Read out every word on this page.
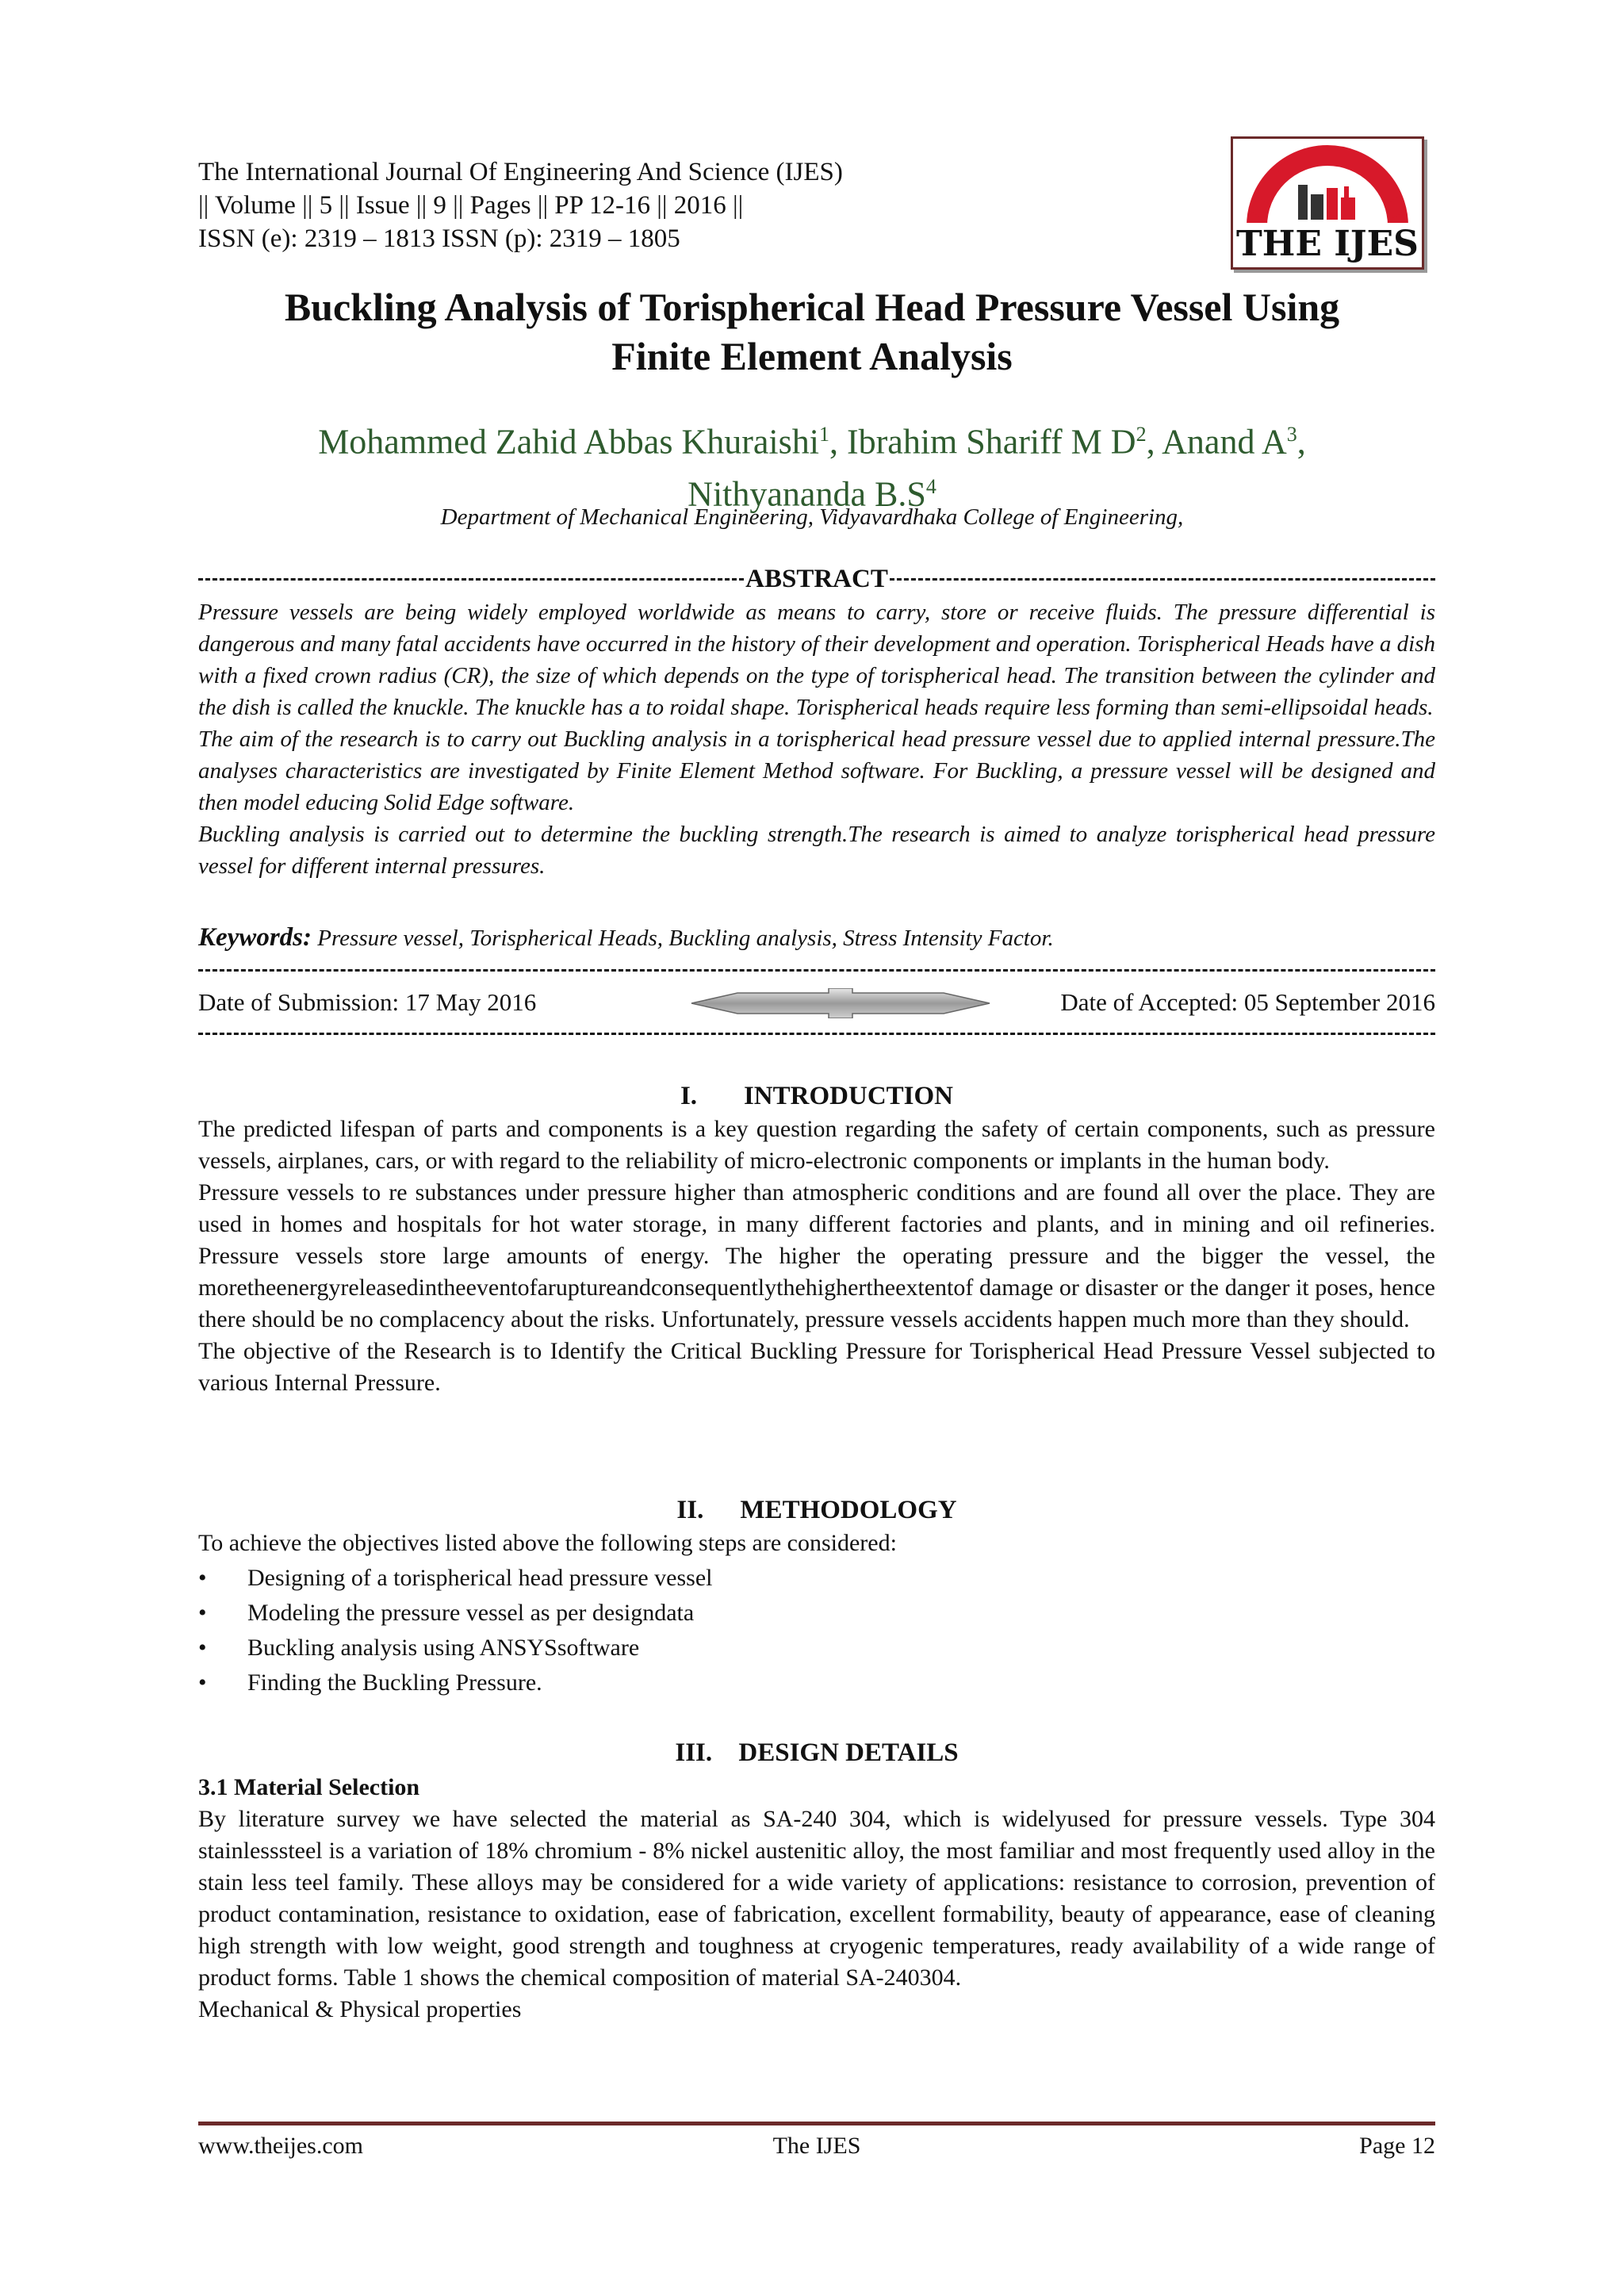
The International Journal Of Engineering And Science (IJES)
|| Volume || 5 || Issue || 9 || Pages || PP 12-16 || 2016 ||
ISSN (e): 2319 – 1813 ISSN (p): 2319 – 1805	THE IJES
Buckling Analysis of Torispherical Head Pressure Vessel Using
Finite Element Analysis
Mohammed Zahid Abbas Khuraishi$^1$, Ibrahim Shariff M $D^2$, Anand $A^3$,
Nithyananda $B.S^4$
Department of Mechanical Engineering, Vidyavardhaka College of Engineering,
ABSTRACT

Pressure vessels are being widely employed worldwide as means to carry, store or receive fluids. The pressure differential is dangerous and many fatal accidents have occurred in the history of their development and operation. Torispherical Heads have a dish with a fixed crown radius (CR), the size of which depends on the type of torispherical head. The transition between the cylinder and the dish is called the knuckle. The knuckle has a to roidal shape. Torispherical heads require less forming than semi-ellipsoidal heads.

The aim of the research is to carry out Buckling analysis in a torispherical head pressure vessel due to applied internal pressure.The analyses characteristics are investigated by Finite Element Method software. For Buckling, a pressure vessel will be designed and then model educing Solid Edge software.

Buckling analysis is carried out to determine the buckling strength.The research is aimed to analyze torispherical head pressure vessel for different internal pressures.

Keywords: Pressure vessel, Torispherical Heads, Buckling analysis, Stress Intensity Factor.
Date of Submission: 17 May 2016	Date of Accepted: 05 September 2016
I. INTRODUCTION

The predicted lifespan of parts and components is a key question regarding the safety of certain components, such as pressure vessels, airplanes, cars, or with regard to the reliability of micro-electronic components or implants in the human body.

Pressure vessels to re substances under pressure higher than atmospheric conditions and are found all over the place. They are used in homes and hospitals for hot water storage, in many different factories and plants, and in mining and oil refineries. Pressure vessels store large amounts of energy. The higher the operating pressure and the bigger the vessel, the moretheenergyreleasedintheeventofaruptureandconsequentlythehighertheextentof damage or disaster or the danger it poses, hence there should be no complacency about the risks. Unfortunately, pressure vessels accidents happen much more than they should.

The objective of the Research is to Identify the Critical Buckling Pressure for Torispherical Head Pressure Vessel subjected to various Internal Pressure.

II. METHODOLOGY
To achieve the objectives listed above the following steps are considered:
• Designing of a torispherical head pressure vessel
• Modeling the pressure vessel as per designdata
• Buckling analysis using ANSYSsoftware
• Finding the Buckling Pressure.
III. DESIGN DETAILS
3.1 Material Selection

By literature survey we have selected the material as SA-240 304, which is widelyused for pressure vessels. Type 304 stainlesssteel is a variation of 18% chromium - 8% nickel austenitic alloy, the most familiar and most frequently used alloy in the stain less teel family. These alloys may be considered for a wide variety of applications: resistance to corrosion, prevention of product contamination, resistance to oxidation, ease of fabrication, excellent formability, beauty of appearance, ease of cleaning high strength with low weight, good strength and toughness at cryogenic temperatures, ready availability of a wide range of product forms. Table 1 shows the chemical composition of material SA-240304.

Mechanical & Physical properties

www.theijes.com	The IJES	Page 12
